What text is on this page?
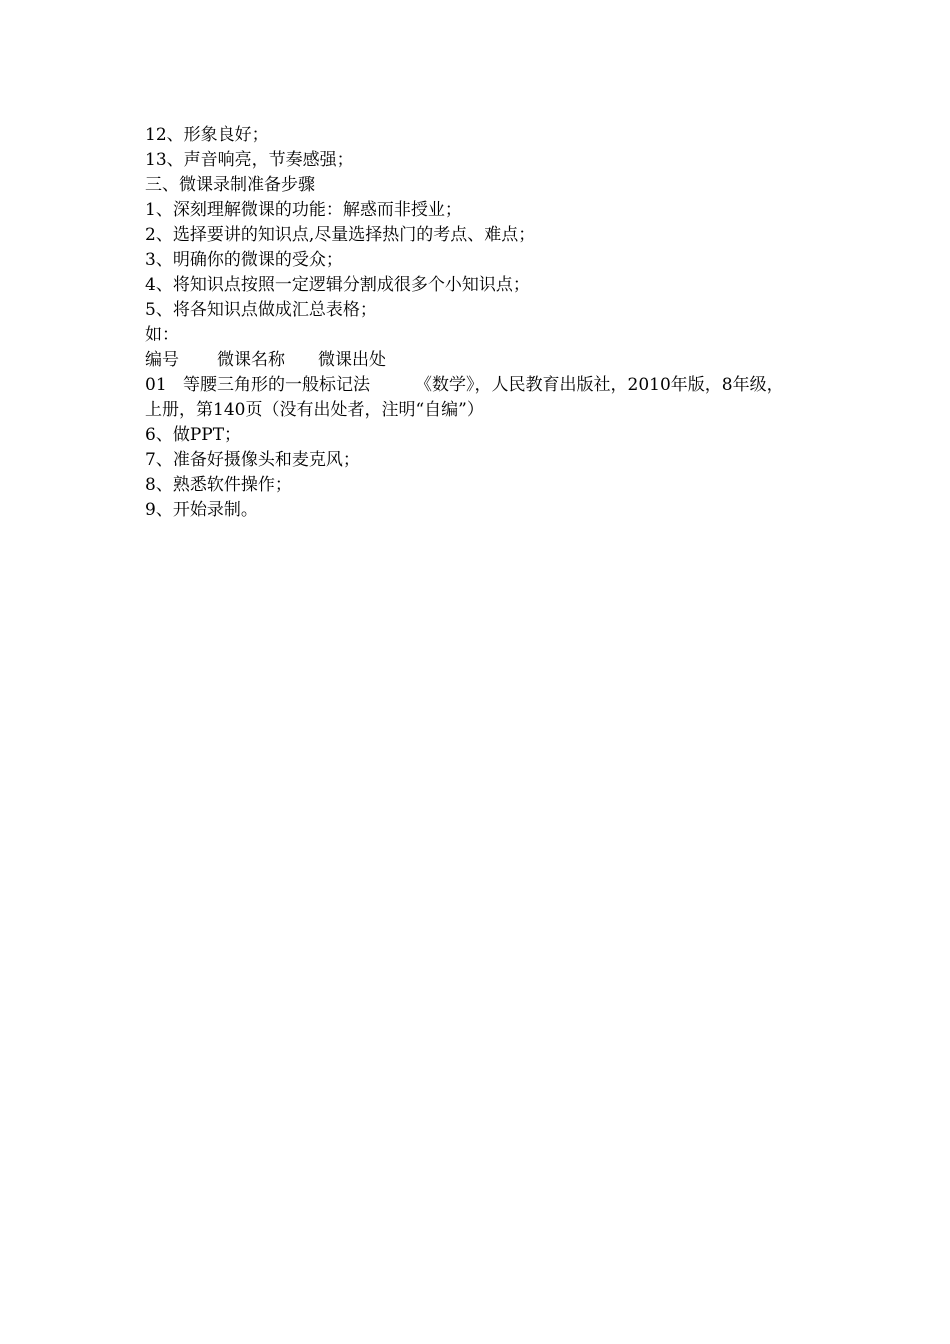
12、形象良好；
13、声音响亮，节奏感强；
三、微课录制准备步骤
1、深刻理解微课的功能：解惑而非授业；
2、选择要讲的知识点,尽量选择热门的考点、难点；
3、明确你的微课的受众；
4、将知识点按照一定逻辑分割成很多个小知识点；
5、将各知识点做成汇总表格；
如：
编号 微课名称 微课出处
01 等腰三角形的一般标记法	《数学》，人民教育出版社，2010年版，8年级，
上册，第140页（没有出处者，注明“自编”）
6、做PPT；
7、准备好摄像头和麦克风；
8、熟悉软件操作；
9、开始录制。
